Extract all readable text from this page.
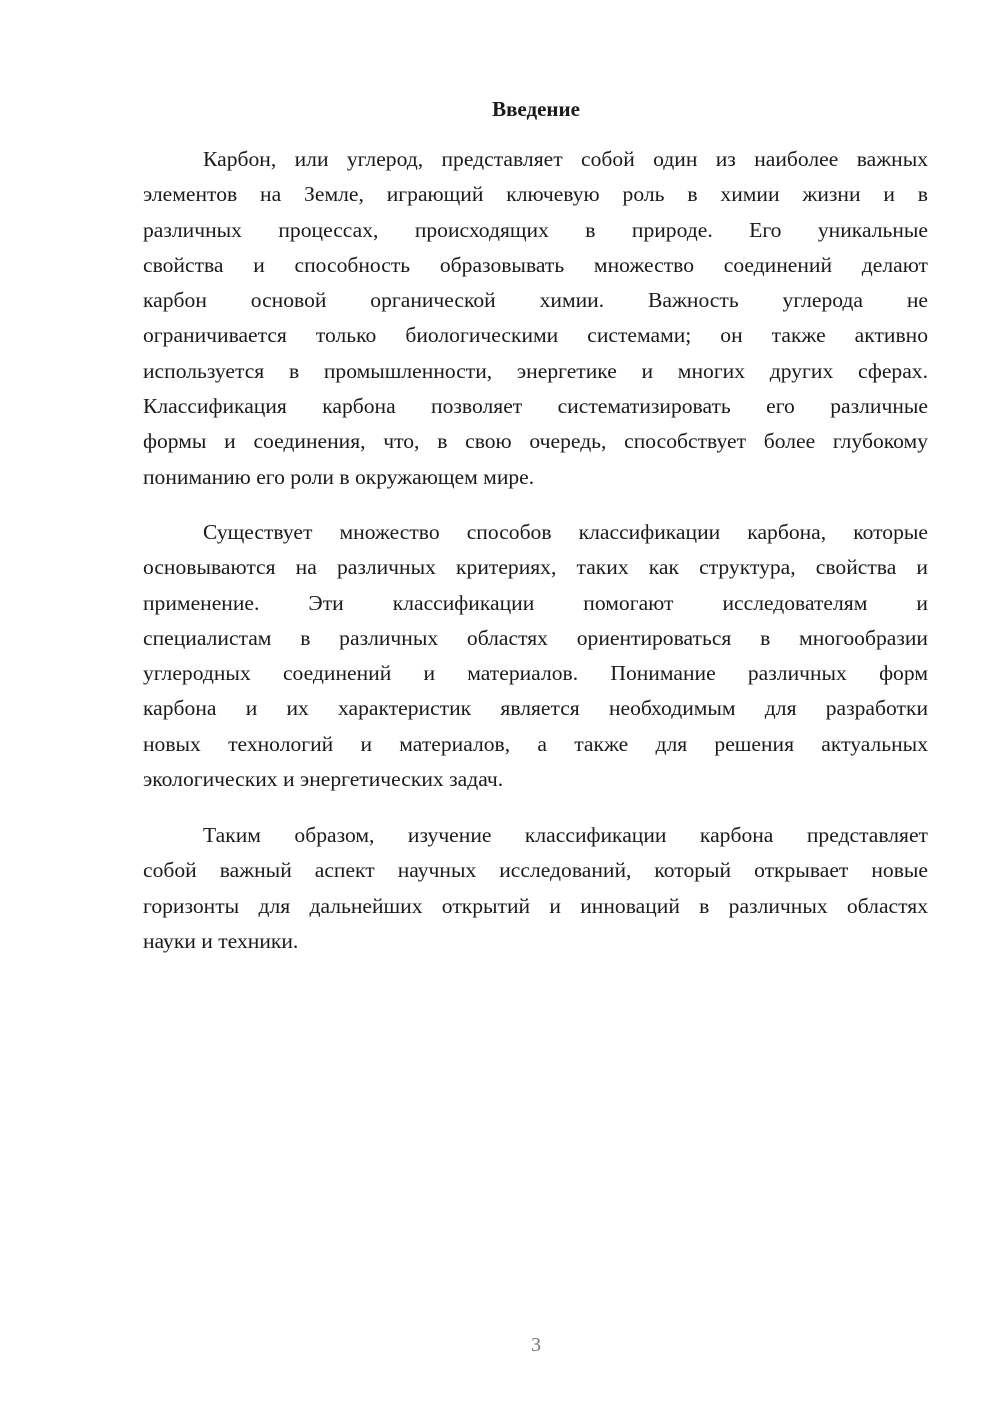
Введение
Карбон, или углерод, представляет собой один из наиболее важных
элементов на Земле, играющий ключевую роль в химии жизни и в
различных процессах, происходящих в природе. Его уникальные
свойства и способность образовывать множество соединений делают
карбон основой органической химии. Важность углерода не
ограничивается только биологическими системами; он также активно
используется в промышленности, энергетике и многих других сферах.
Классификация карбона позволяет систематизировать его различные
формы и соединения, что, в свою очередь, способствует более глубокому
пониманию его роли в окружающем мире.
Существует множество способов классификации карбона, которые
основываются на различных критериях, таких как структура, свойства и
применение. Эти классификации помогают исследователям и
специалистам в различных областях ориентироваться в многообразии
углеродных соединений и материалов. Понимание различных форм
карбона и их характеристик является необходимым для разработки
новых технологий и материалов, а также для решения актуальных
экологических и энергетических задач.
Таким образом, изучение классификации карбона представляет
собой важный аспект научных исследований, который открывает новые
горизонты для дальнейших открытий и инноваций в различных областях
науки и техники.
3
